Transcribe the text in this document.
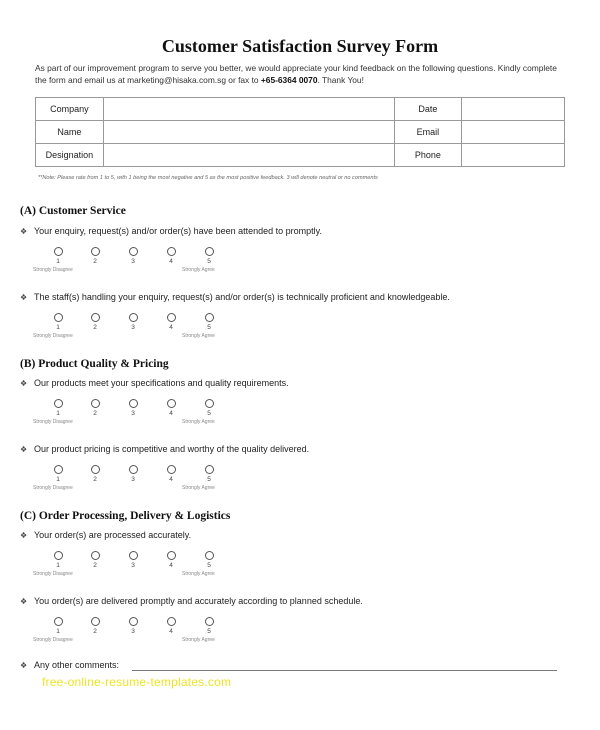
Customer Satisfaction Survey Form
As part of our improvement program to serve you better, we would appreciate your kind feedback on the following questions. Kindly complete the form and email us at marketing@hisaka.com.sg or fax to +65-6364 0070. Thank You!
Company		Date	
Name		Email	
Designation		Phone	
**Note: Please rate from 1 to 5, with 1 being the most negative and 5 as the most positive feedback. 3 will denote neutral or no comments
(A) Customer Service
❖ Your enquiry, request(s) and/or order(s) have been attended to promptly.
1	2	3	4	5
Strongly Disagree	Strongly Agree
❖ The staff(s) handling your enquiry, request(s) and/or order(s) is technically proficient and knowledgeable.
1	2	3	4	5
Strongly Disagree	Strongly Agree
(B) Product Quality & Pricing
❖ Our products meet your specifications and quality requirements.
1	2	3	4	5
Strongly Disagree	Strongly Agree
❖ Our product pricing is competitive and worthy of the quality delivered.
1	2	3	4	5
Strongly Disagree	Strongly Agree
(C) Order Processing, Delivery & Logistics
❖ Your order(s) are processed accurately.
1	2	3	4	5
Strongly Disagree	Strongly Agree
❖ You order(s) are delivered promptly and accurately according to planned schedule.
1	2	3	4	5
Strongly Disagree	Strongly Agree
❖ Any other comments:
free-online-resume-templates.com
